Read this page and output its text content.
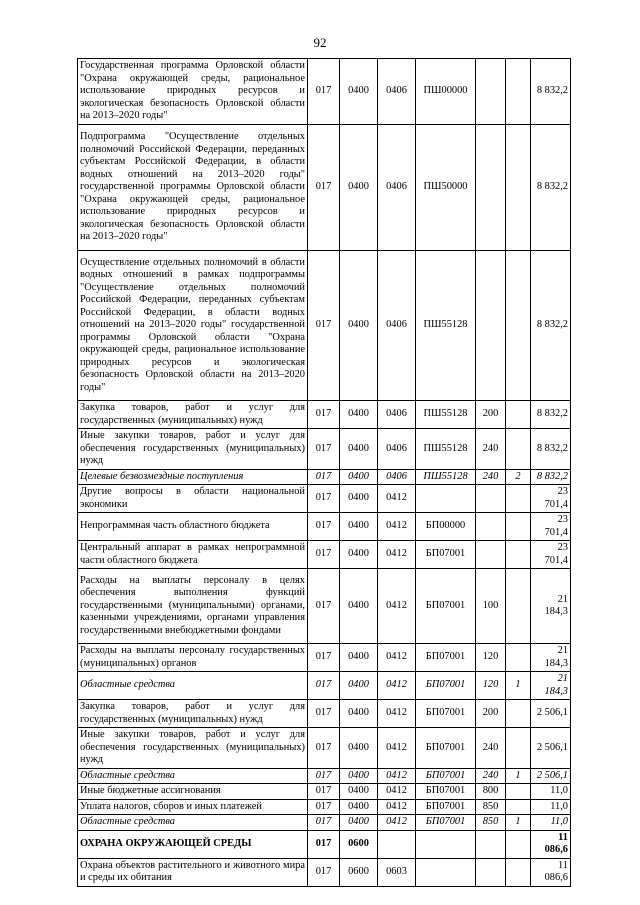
92
Государственная программа Орловской области "Охрана окружающей среды, рациональное использование природных ресурсов и экологическая безопасность Орловской области на 2013–2020 годы"	017	0400	0406	ПШ00000			8 832,2
Подпрограмма "Осуществление отдельных полномочий Российской Федерации, переданных субъектам Российской Федерации, в области водных отношений на 2013–2020 годы" государственной программы Орловской области "Охрана окружающей среды, рациональное использование природных ресурсов и экологическая безопасность Орловской области на 2013–2020 годы"	017	0400	0406	ПШ50000			8 832,2
Осуществление отдельных полномочий в области водных отношений в рамках подпрограммы "Осуществление отдельных полномочий Российской Федерации, переданных субъектам Российской Федерации, в области водных отношений на 2013–2020 годы" государственной программы Орловской области "Охрана окружающей среды, рациональное использование природных ресурсов и экологическая безопасность Орловской области на 2013–2020 годы"	017	0400	0406	ПШ55128			8 832,2
Закупка товаров, работ и услуг для государственных (муниципальных) нужд	017	0400	0406	ПШ55128	200		8 832,2
Иные закупки товаров, работ и услуг для обеспечения государственных (муниципальных) нужд	017	0400	0406	ПШ55128	240		8 832,2
Целевые безвозмездные поступления	017	0400	0406	ПШ55128	240	2	8 832,2
Другие вопросы в области национальной экономики	017	0400	0412				23 701,4
Непрограммная часть областного бюджета	017	0400	0412	БП00000			23 701,4
Центральный аппарат в рамках непрограммной части областного бюджета	017	0400	0412	БП07001			23 701,4
Расходы на выплаты персоналу в целях обеспечения выполнения функций государственными (муниципальными) органами, казенными учреждениями, органами управления государственными внебюджетными фондами	017	0400	0412	БП07001	100		21 184,3
Расходы на выплаты персоналу государственных (муниципальных) органов	017	0400	0412	БП07001	120		21 184,3
Областные средства	017	0400	0412	БП07001	120	1	21 184,3
Закупка товаров, работ и услуг для государственных (муниципальных) нужд	017	0400	0412	БП07001	200		2 506,1
Иные закупки товаров, работ и услуг для обеспечения государственных (муниципальных) нужд	017	0400	0412	БП07001	240		2 506,1
Областные средства	017	0400	0412	БП07001	240	1	2 506,1
Иные бюджетные ассигнования	017	0400	0412	БП07001	800		11,0
Уплата налогов, сборов и иных платежей	017	0400	0412	БП07001	850		11,0
Областные средства	017	0400	0412	БП07001	850	1	11,0
ОХРАНА ОКРУЖАЮЩЕЙ СРЕДЫ	017	0600					11 086,6
Охрана объектов растительного и животного мира и среды их обитания	017	0600	0603				11 086,6
